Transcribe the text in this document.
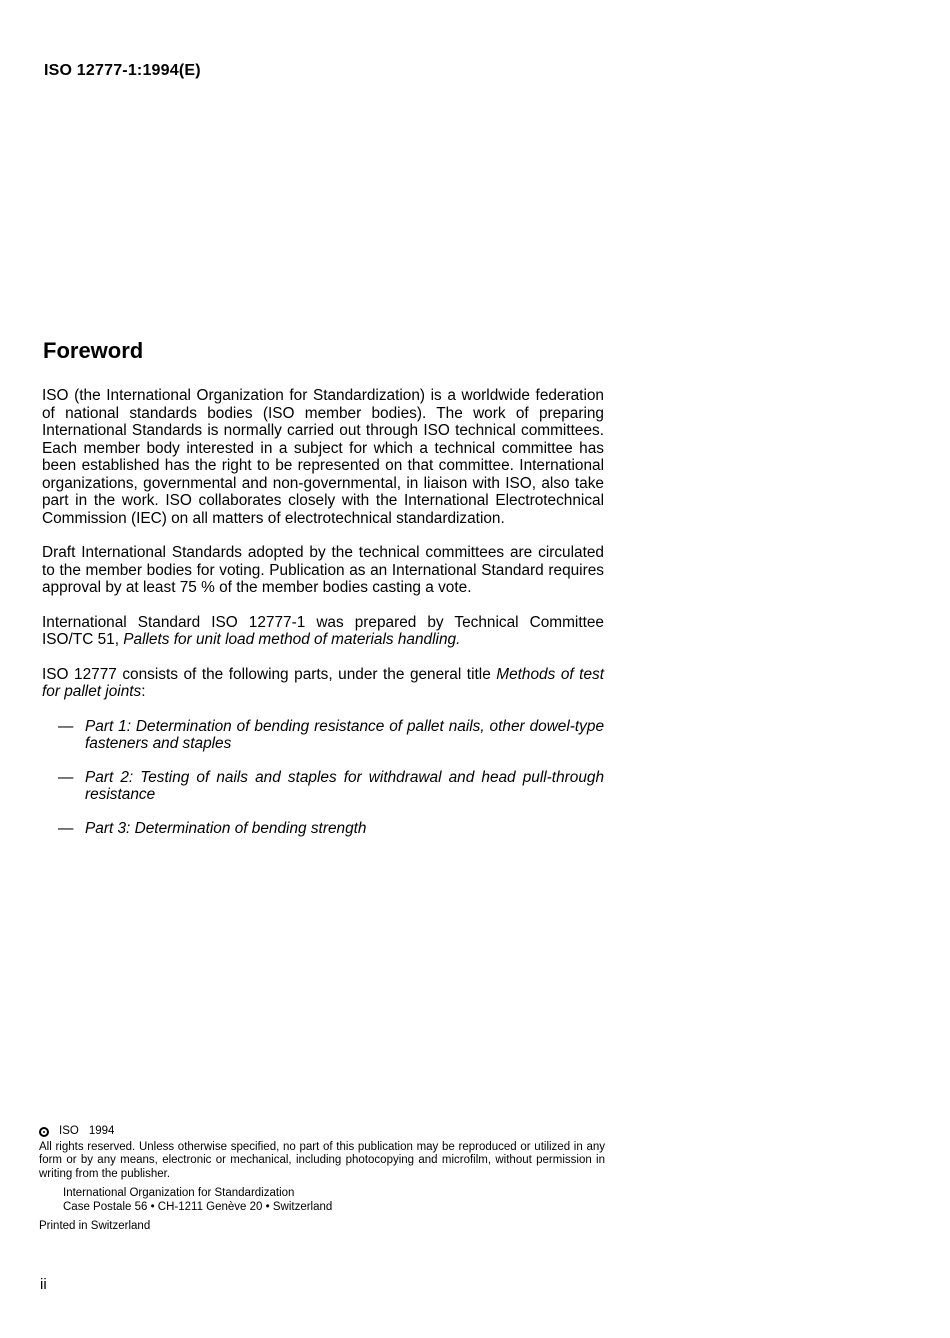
ISO 12777-1:1994(E)
Foreword

ISO (the International Organization for Standardization) is a worldwide federation of national standards bodies (ISO member bodies). The work of preparing International Standards is normally carried out through ISO technical committees. Each member body interested in a subject for which a technical committee has been established has the right to be represented on that committee. International organizations, governmental and non-governmental, in liaison with ISO, also take part in the work. ISO collaborates closely with the International Electrotechnical Commission (IEC) on all matters of electrotechnical standardization.

Draft International Standards adopted by the technical committees are circulated to the member bodies for voting. Publication as an International Standard requires approval by at least 75 % of the member bodies casting a vote.

International Standard ISO 12777-1 was prepared by Technical Committee ISO/TC 51, Pallets for unit load method of materials handling.

ISO 12777 consists of the following parts, under the general title Methods of test for pallet joints:

— Part 1: Determination of bending resistance of pallet nails, other dowel-type fasteners and staples
— Part 2: Testing of nails and staples for withdrawal and head pull-through resistance
— Part 3: Determination of bending strength
ISO 1994
All rights reserved. Unless otherwise specified, no part of this publication may be reproduced or utilized in any form or by any means, electronic or mechanical, including photocopying and microfilm, without permission in writing from the publisher.
International Organization for Standardization
Case Postale 56 • CH-1211 Genève 20 • Switzerland
Printed in Switzerland
ii
